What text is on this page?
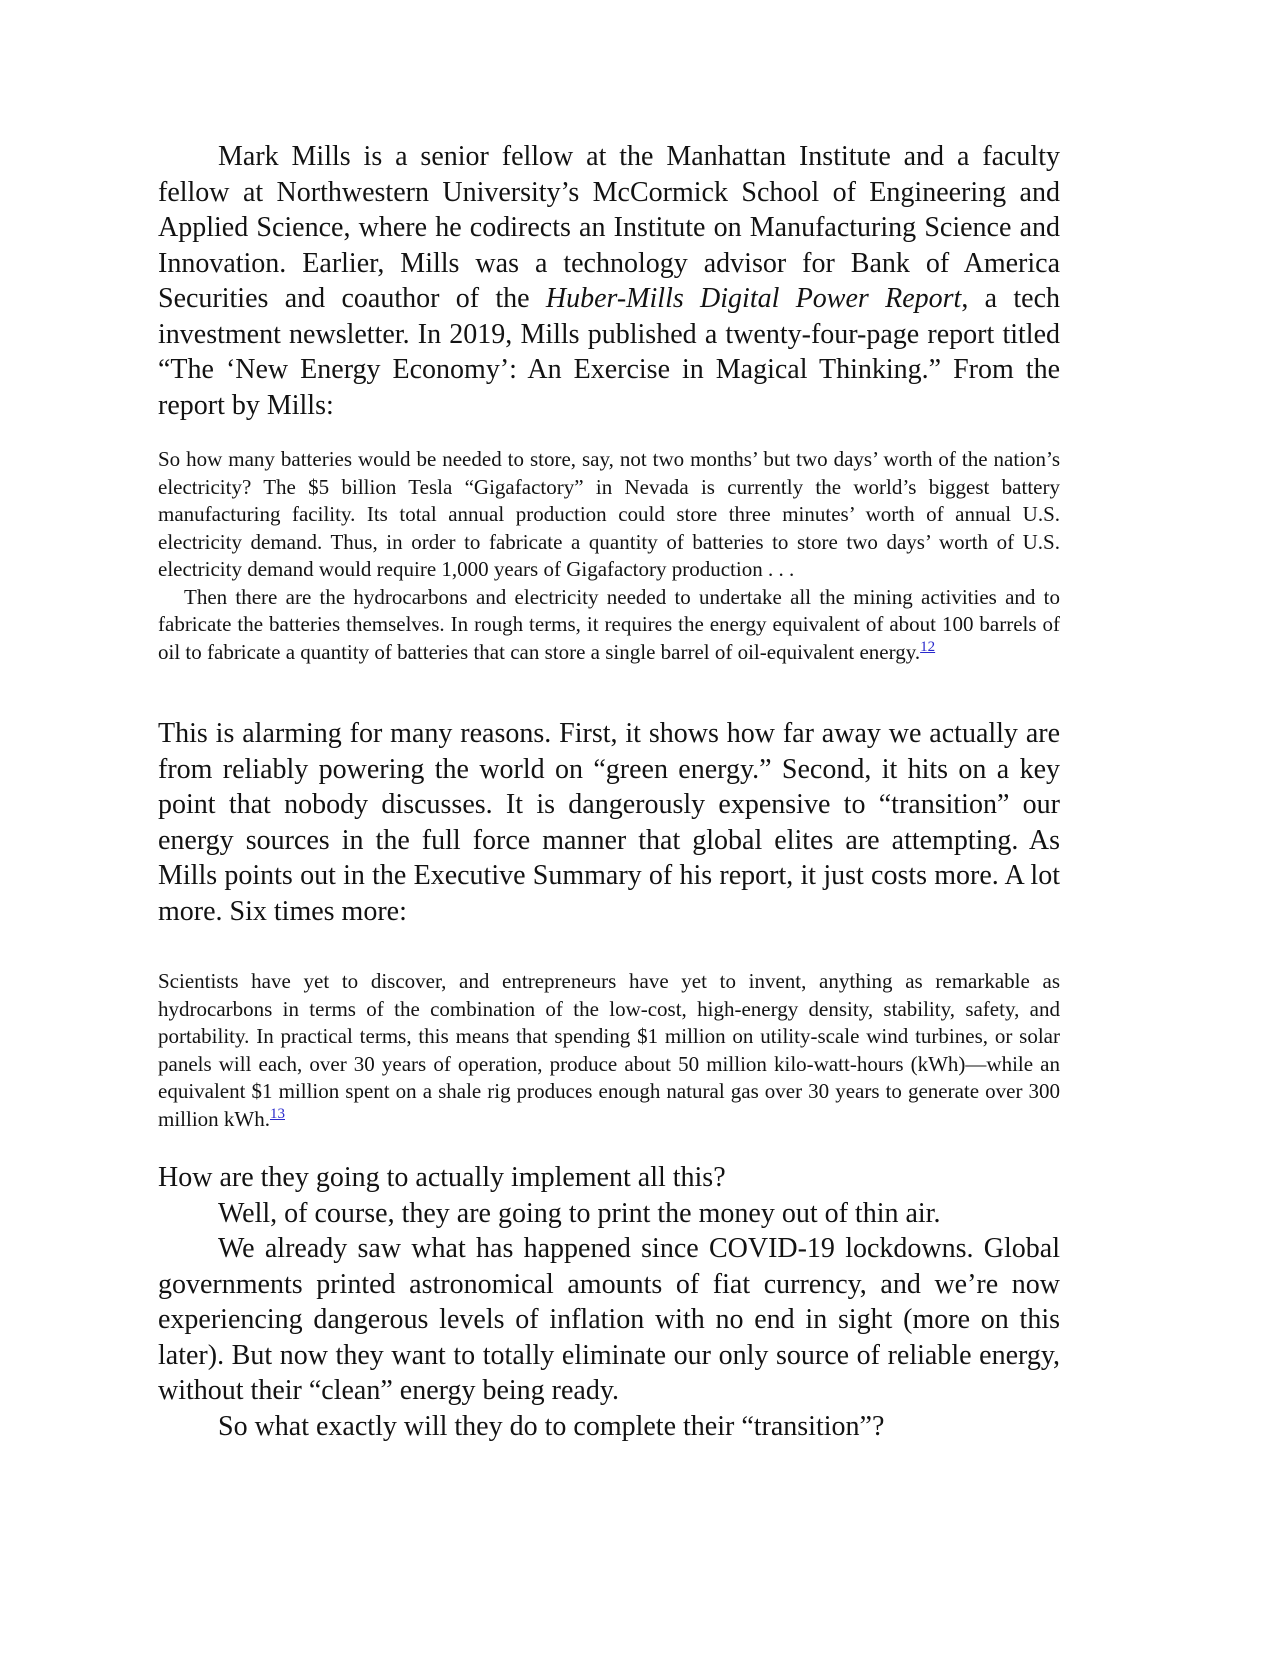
Mark Mills is a senior fellow at the Manhattan Institute and a faculty fellow at Northwestern University’s McCormick School of Engineering and Applied Science, where he codirects an Institute on Manufacturing Science and Innovation. Earlier, Mills was a technology advisor for Bank of America Securities and coauthor of the Huber-Mills Digital Power Report, a tech investment newsletter. In 2019, Mills published a twenty-four-page report titled “The ‘New Energy Economy’: An Exercise in Magical Thinking.” From the report by Mills:

So how many batteries would be needed to store, say, not two months’ but two days’ worth of the nation’s electricity? The $5 billion Tesla “Gigafactory” in Nevada is currently the world’s biggest battery manufacturing facility. Its total annual production could store three minutes’ worth of annual U.S. electricity demand. Thus, in order to fabricate a quantity of batteries to store two days’ worth of U.S. electricity demand would require 1,000 years of Gigafactory production . . .

Then there are the hydrocarbons and electricity needed to undertake all the mining activities and to fabricate the batteries themselves. In rough terms, it requires the energy equivalent of about 100 barrels of oil to fabricate a quantity of batteries that can store a single barrel of oil-equivalent energy.$^{12}$

This is alarming for many reasons. First, it shows how far away we actually are from reliably powering the world on “green energy.” Second, it hits on a key point that nobody discusses. It is dangerously expensive to “transition” our energy sources in the full force manner that global elites are attempting. As Mills points out in the Executive Summary of his report, it just costs more. A lot more. Six times more:

Scientists have yet to discover, and entrepreneurs have yet to invent, anything as remarkable as hydrocarbons in terms of the combination of the low-cost, high-energy density, stability, safety, and portability. In practical terms, this means that spending $1 million on utility-scale wind turbines, or solar panels will each, over 30 years of operation, produce about 50 million kilo-watt-hours (kWh)—while an equivalent $1 million spent on a shale rig produces enough natural gas over 30 years to generate over 300 million kWh.$^{13}$

How are they going to actually implement all this?

Well, of course, they are going to print the money out of thin air.

We already saw what has happened since COVID-19 lockdowns. Global governments printed astronomical amounts of fiat currency, and we’re now experiencing dangerous levels of inflation with no end in sight (more on this later). But now they want to totally eliminate our only source of reliable energy, without their “clean” energy being ready.

So what exactly will they do to complete their “transition”?
